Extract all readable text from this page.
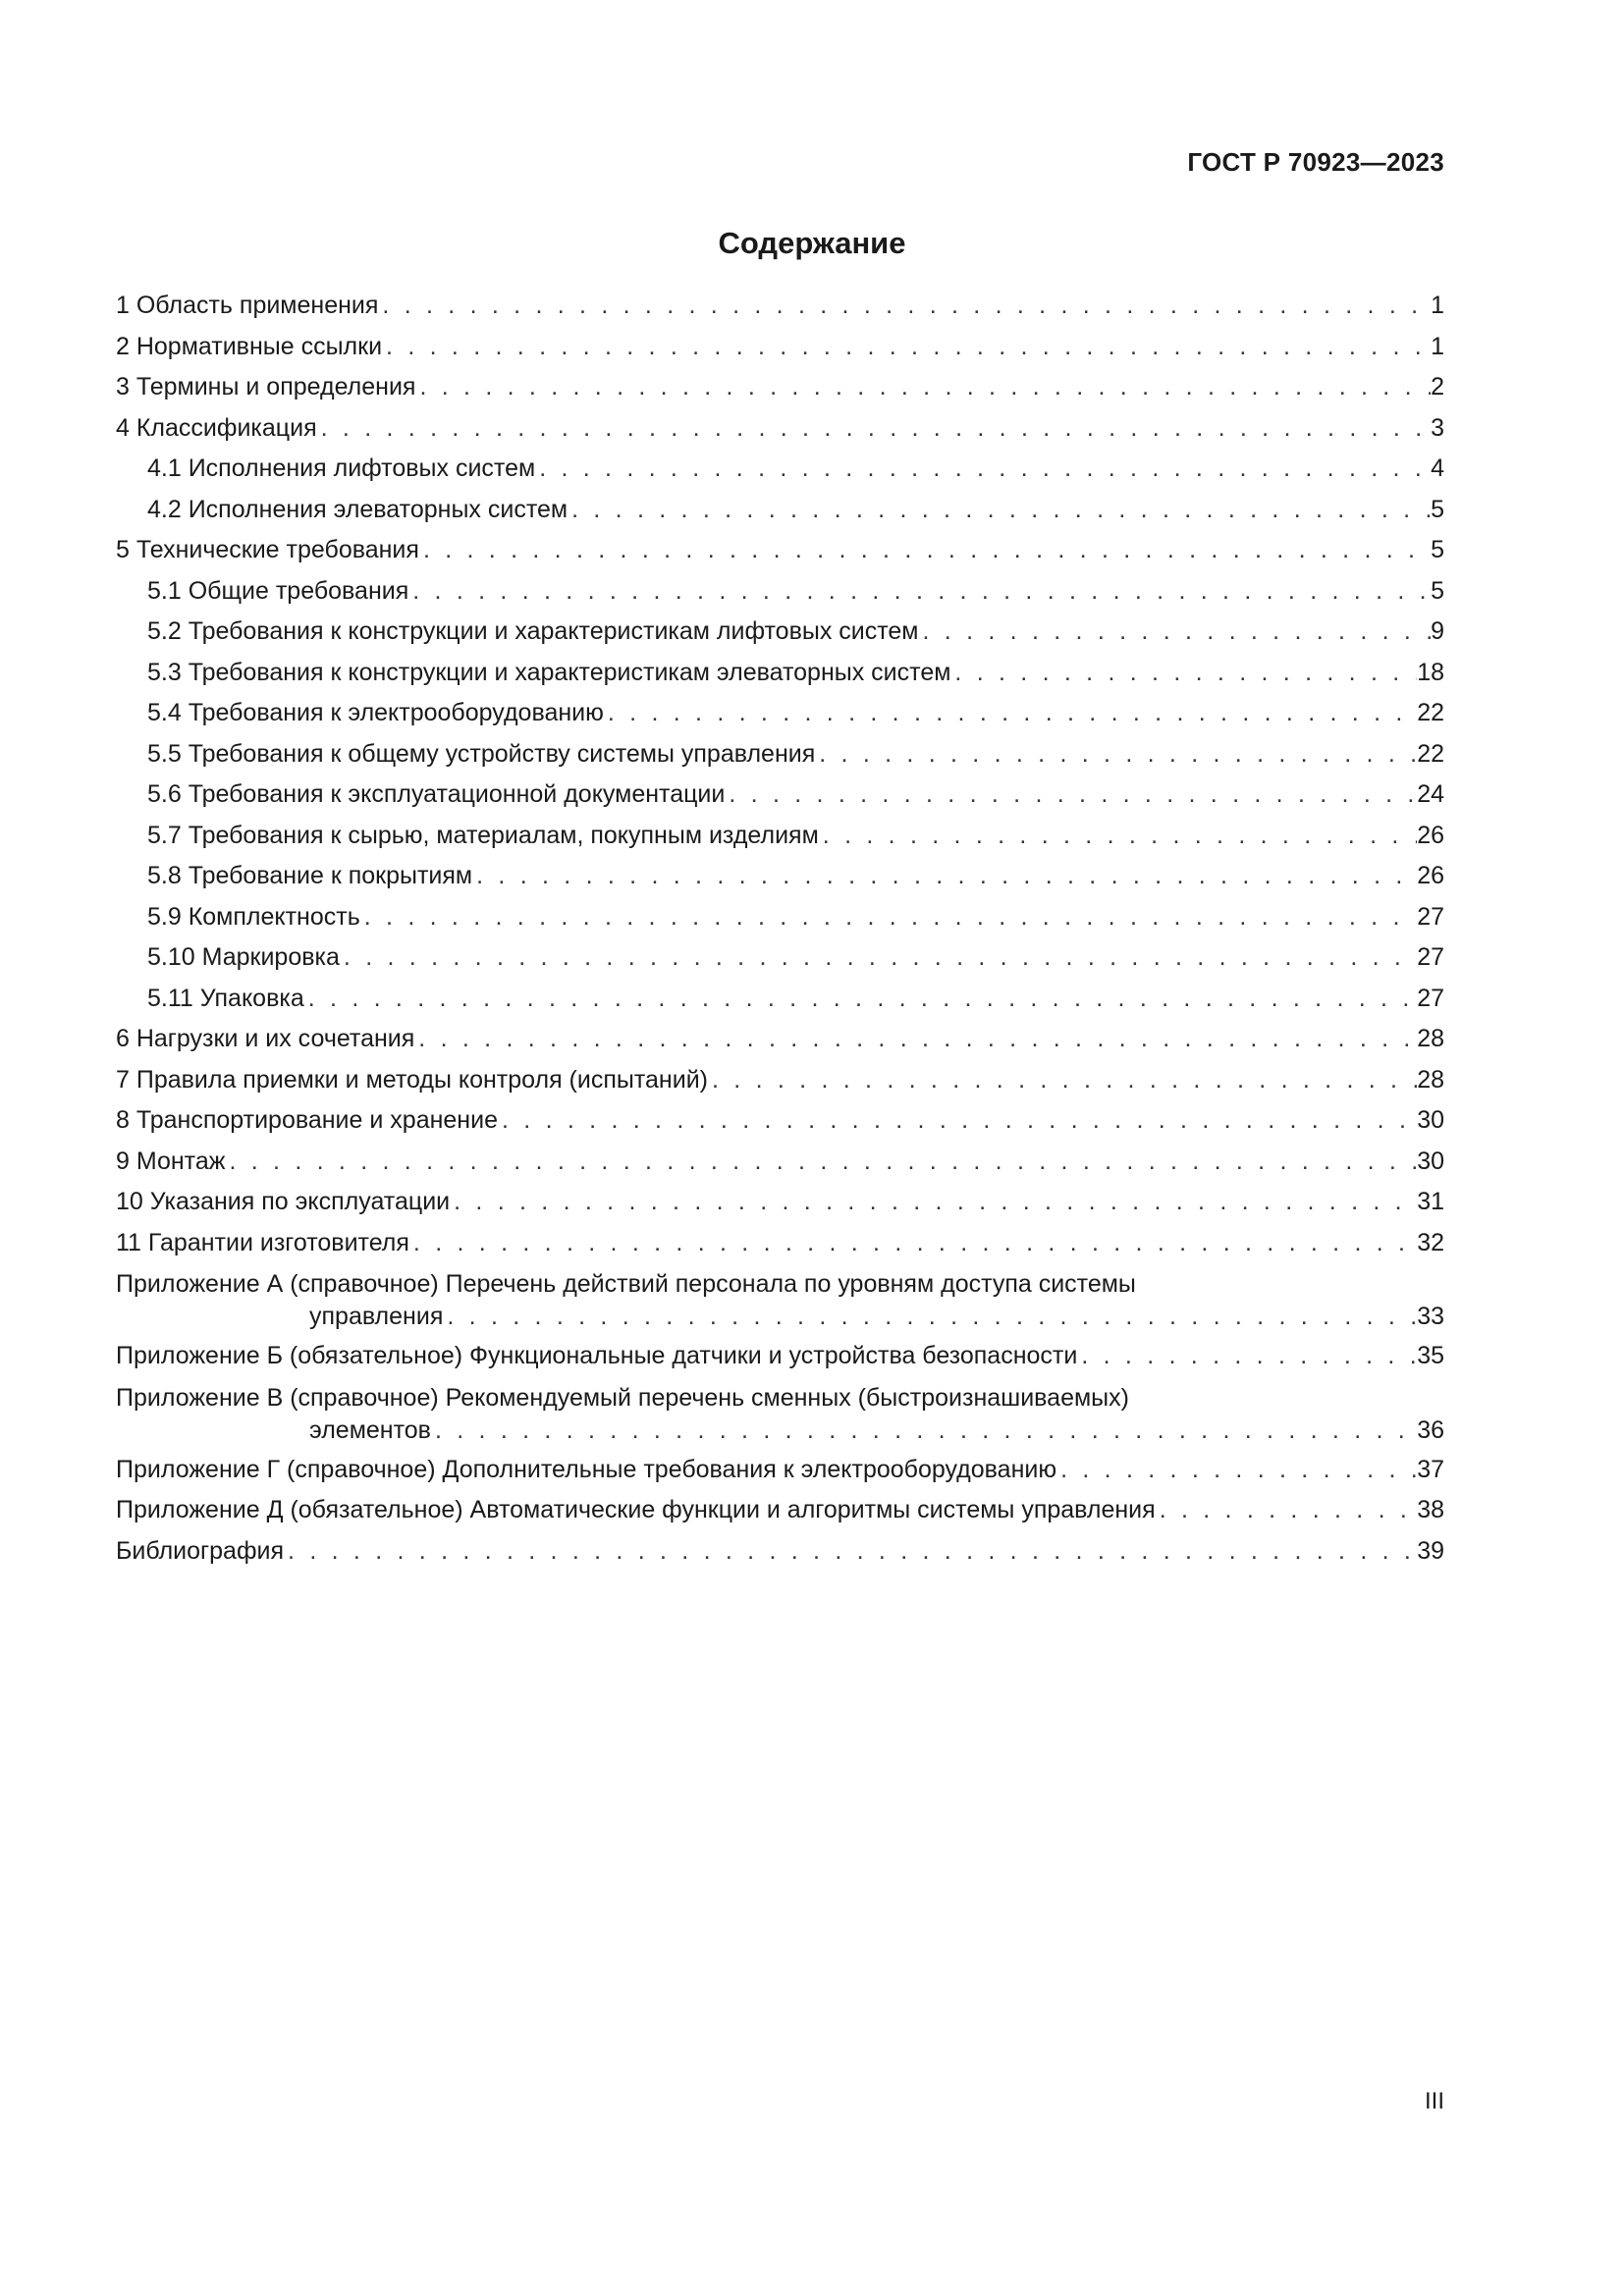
ГОСТ Р 70923—2023
Содержание
1 Область применения . . .	1
2 Нормативные ссылки . . .	1
3 Термины и определения . . .	2
4 Классификация . . .	3
4.1 Исполнения лифтовых систем . . .	4
4.2 Исполнения элеваторных систем . . .	5
5 Технические требования . . .	5
5.1 Общие требования . . .	5
5.2 Требования к конструкции и характеристикам лифтовых систем . . .	9
5.3 Требования к конструкции и характеристикам элеваторных систем . . .	18
5.4 Требования к электрооборудованию . . .	22
5.5 Требования к общему устройству системы управления . . .	22
5.6 Требования к эксплуатационной документации . . .	24
5.7 Требования к сырью, материалам, покупным изделиям . . .	26
5.8 Требование к покрытиям . . .	26
5.9 Комплектность . . .	27
5.10 Маркировка . . .	27
5.11 Упаковка . . .	27
6 Нагрузки и их сочетания . . .	28
7 Правила приемки и методы контроля (испытаний) . . .	28
8 Транспортирование и хранение . . .	30
9 Монтаж . . .	30
10 Указания по эксплуатации . . .	31
11 Гарантии изготовителя . . .	32
Приложение А (справочное) Перечень действий персонала по уровням доступа системы
управления . . .	33
Приложение Б (обязательное) Функциональные датчики и устройства безопасности . . .	35
Приложение В (справочное) Рекомендуемый перечень сменных (быстроизнашиваемых)
элементов . . .	36
Приложение Г (справочное) Дополнительные требования к электрооборудованию . . .	37
Приложение Д (обязательное) Автоматические функции и алгоритмы системы управления . . .	38
Библиография . . .	39
III
